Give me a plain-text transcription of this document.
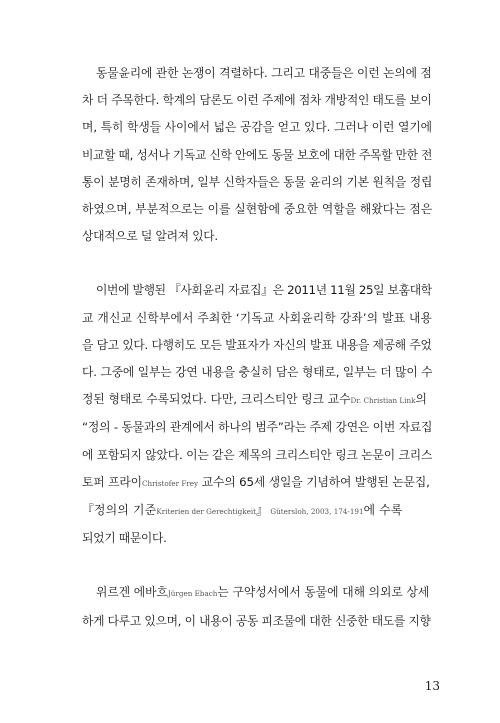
동물윤리에 관한 논쟁이 격렬하다. 그리고 대중들은 이런 논의에 점
차 더 주목한다. 학계의 담론도 이런 주제에 점차 개방적인 태도를 보이
며, 특히 학생들 사이에서 넓은 공감을 얻고 있다. 그러나 이런 열기에
비교할 때, 성서나 기독교 신학 안에도 동물 보호에 대한 주목할 만한 전
통이 분명히 존재하며, 일부 신학자들은 동물 윤리의 기본 원칙을 정립
하였으며, 부분적으로는 이를 실현함에 중요한 역할을 해왔다는 점은
상대적으로 덜 알려져 있다.

이번에 발행된 『사회윤리 자료집』은 2011년 11월 25일 보훔대학
교 개신교 신학부에서 주최한 ‘기독교 사회윤리학 강좌’의 발표 내용
을 담고 있다. 다행히도 모든 발표자가 자신의 발표 내용을 제공해 주었
다. 그중에 일부는 강연 내용을 충실히 담은 형태로, 일부는 더 많이 수
정된 형태로 수록되었다. 다만, 크리스티안 링크 교수Dr. Christian Link의
“정의 - 동물과의 관계에서 하나의 범주”라는 주제 강연은 이번 자료집
에 포함되지 않았다. 이는 같은 제목의 크리스티안 링크 논문이 크리스
토퍼 프라이Christofer Frey 교수의 65세 생일을 기념하여 발행된 논문집,
『정의의 기준Kriterien der Gerechtigkeit』 Gütersloh, 2003, 174-191에 수록
되었기 때문이다.

위르겐 에바흐Jürgen Ebach는 구약성서에서 동물에 대해 의외로 상세
하게 다루고 있으며, 이 내용이 공동 피조물에 대한 신중한 태도를 지향

13
